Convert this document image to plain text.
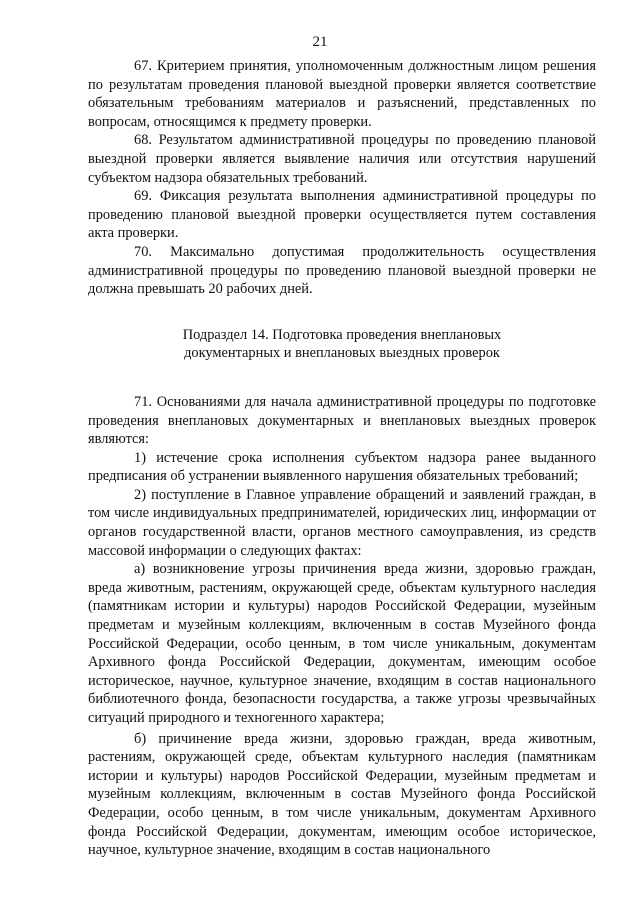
21

67. Критерием принятия, уполномоченным должностным лицом решения по результатам проведения плановой выездной проверки является соответствие обязательным требованиям материалов и разъяснений, представленных по вопросам, относящимся к предмету проверки.

68. Результатом административной процедуры по проведению плановой выездной проверки является выявление наличия или отсутствия нарушений субъектом надзора обязательных требований.

69. Фиксация результата выполнения административной процедуры по проведению плановой выездной проверки осуществляется путем составления акта проверки.

70. Максимально допустимая продолжительность осуществления административной процедуры по проведению плановой выездной проверки не должна превышать 20 рабочих дней.

Подраздел 14. Подготовка проведения внеплановых
документарных и внеплановых выездных проверок

71. Основаниями для начала административной процедуры по подготовке проведения внеплановых документарных и внеплановых выездных проверок являются:

1) истечение срока исполнения субъектом надзора ранее выданного предписания об устранении выявленного нарушения обязательных требований;

2) поступление в Главное управление обращений и заявлений граждан, в том числе индивидуальных предпринимателей, юридических лиц, информации от органов государственной власти, органов местного самоуправления, из средств массовой информации о следующих фактах:

а) возникновение угрозы причинения вреда жизни, здоровью граждан, вреда животным, растениям, окружающей среде, объектам культурного наследия (памятникам истории и культуры) народов Российской Федерации, музейным предметам и музейным коллекциям, включенным в состав Музейного фонда Российской Федерации, особо ценным, в том числе уникальным, документам Архивного фонда Российской Федерации, документам, имеющим особое историческое, научное, культурное значение, входящим в состав национального библиотечного фонда, безопасности государства, а также угрозы чрезвычайных ситуаций природного и техногенного характера;

б) причинение вреда жизни, здоровью граждан, вреда животным, растениям, окружающей среде, объектам культурного наследия (памятникам истории и культуры) народов Российской Федерации, музейным предметам и музейным коллекциям, включенным в состав Музейного фонда Российской Федерации, особо ценным, в том числе уникальным, документам Архивного фонда Российской Федерации, документам, имеющим особое историческое, научное, культурное значение, входящим в состав национального
